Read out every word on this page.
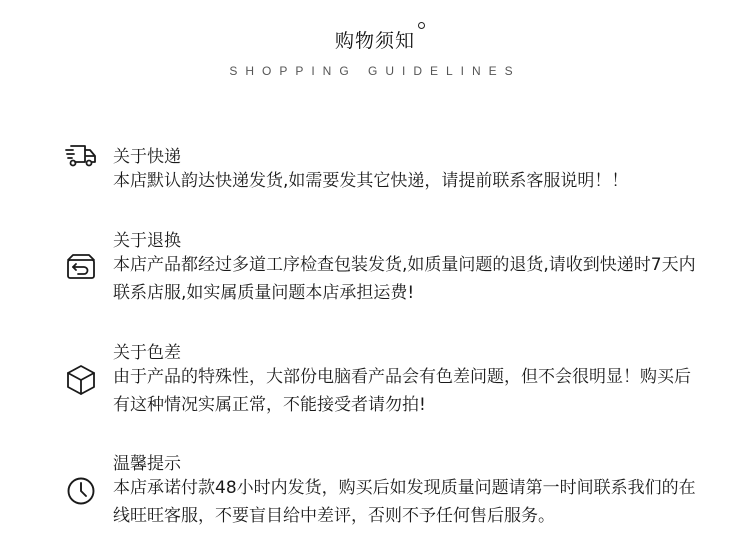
购物须知
SHOPPING GUIDELINES
关于快递
本店默认韵达快递发货,如需要发其它快递，请提前联系客服说明！！
关于退换
本店产品都经过多道工序检查包装发货,如质量问题的退货,请收到快递时7天内联系店服,如实属质量问题本店承担运费!
关于色差
由于产品的特殊性，大部份电脑看产品会有色差问题，但不会很明显！购买后有这种情况实属正常，不能接受者请勿拍!
温馨提示
本店承诺付款48小时内发货，购买后如发现质量问题请第一时间联系我们的在线旺旺客服，不要盲目给中差评，否则不予任何售后服务。
